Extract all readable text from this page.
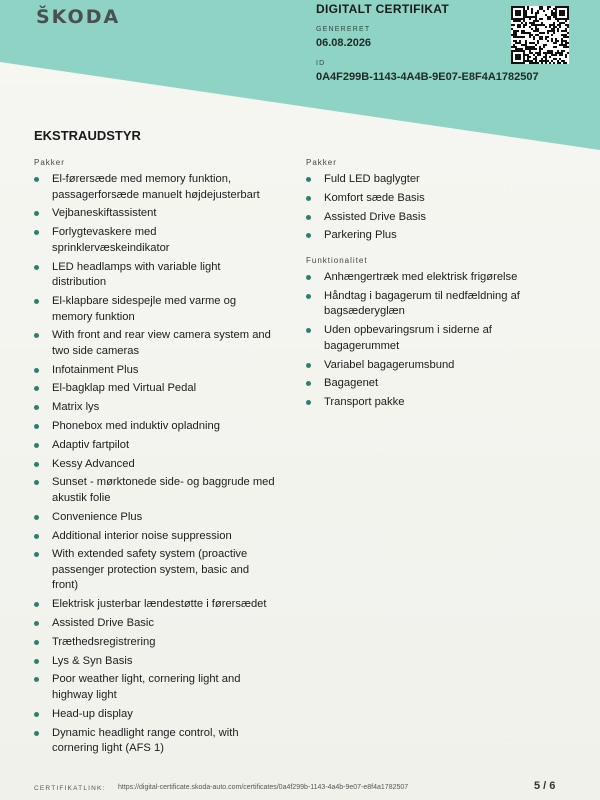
ŠKODA	DIGITALT CERTIFIKAT
GENERERET
06.08.2026
ID
0A4F299B-1143-4A4B-9E07-E8F4A1782507
EKSTRAUDSTYR
Pakker
El-førersæde med memory funktion,
passagerforsæde manuelt højdejusterbart
Vejbaneskiftassistent
Forlygtevaskere med
sprinklervæskeindikator
LED headlamps with variable light
distribution
El-klapbare sidespejle med varme og
memory funktion
With front and rear view camera system and
two side cameras
Infotainment Plus
El-bagklap med Virtual Pedal
Matrix lys
Phonebox med induktiv opladning
Adaptiv fartpilot
Kessy Advanced
Sunset - mørktonede side- og baggrude med
akustik folie
Convenience Plus
Additional interior noise suppression
With extended safety system (proactive
passenger protection system, basic and
front)
Elektrisk justerbar lændestøtte i førersædet
Assisted Drive Basic
Træthedsregistrering
Lys & Syn Basis
Poor weather light, cornering light and
highway light
Head-up display
Dynamic headlight range control, with
cornering light (AFS 1)
Pakker
Fuld LED baglygter
Komfort sæde Basis
Assisted Drive Basis
Parkering Plus
Funktionalitet
Anhængertræk med elektrisk frigørelse
Håndtag i bagagerum til nedfældning af
bagsæderyglæn
Uden opbevaringsrum i siderne af
bagagerummet
Variabel bagagerumsbund
Bagagenet
Transport pakke
CERTIFIKATLINK: https://digital-certificate.skoda-auto.com/certificates/0a4f299b-1143-4a4b-9e07-e8f4a1782507	5 / 6
